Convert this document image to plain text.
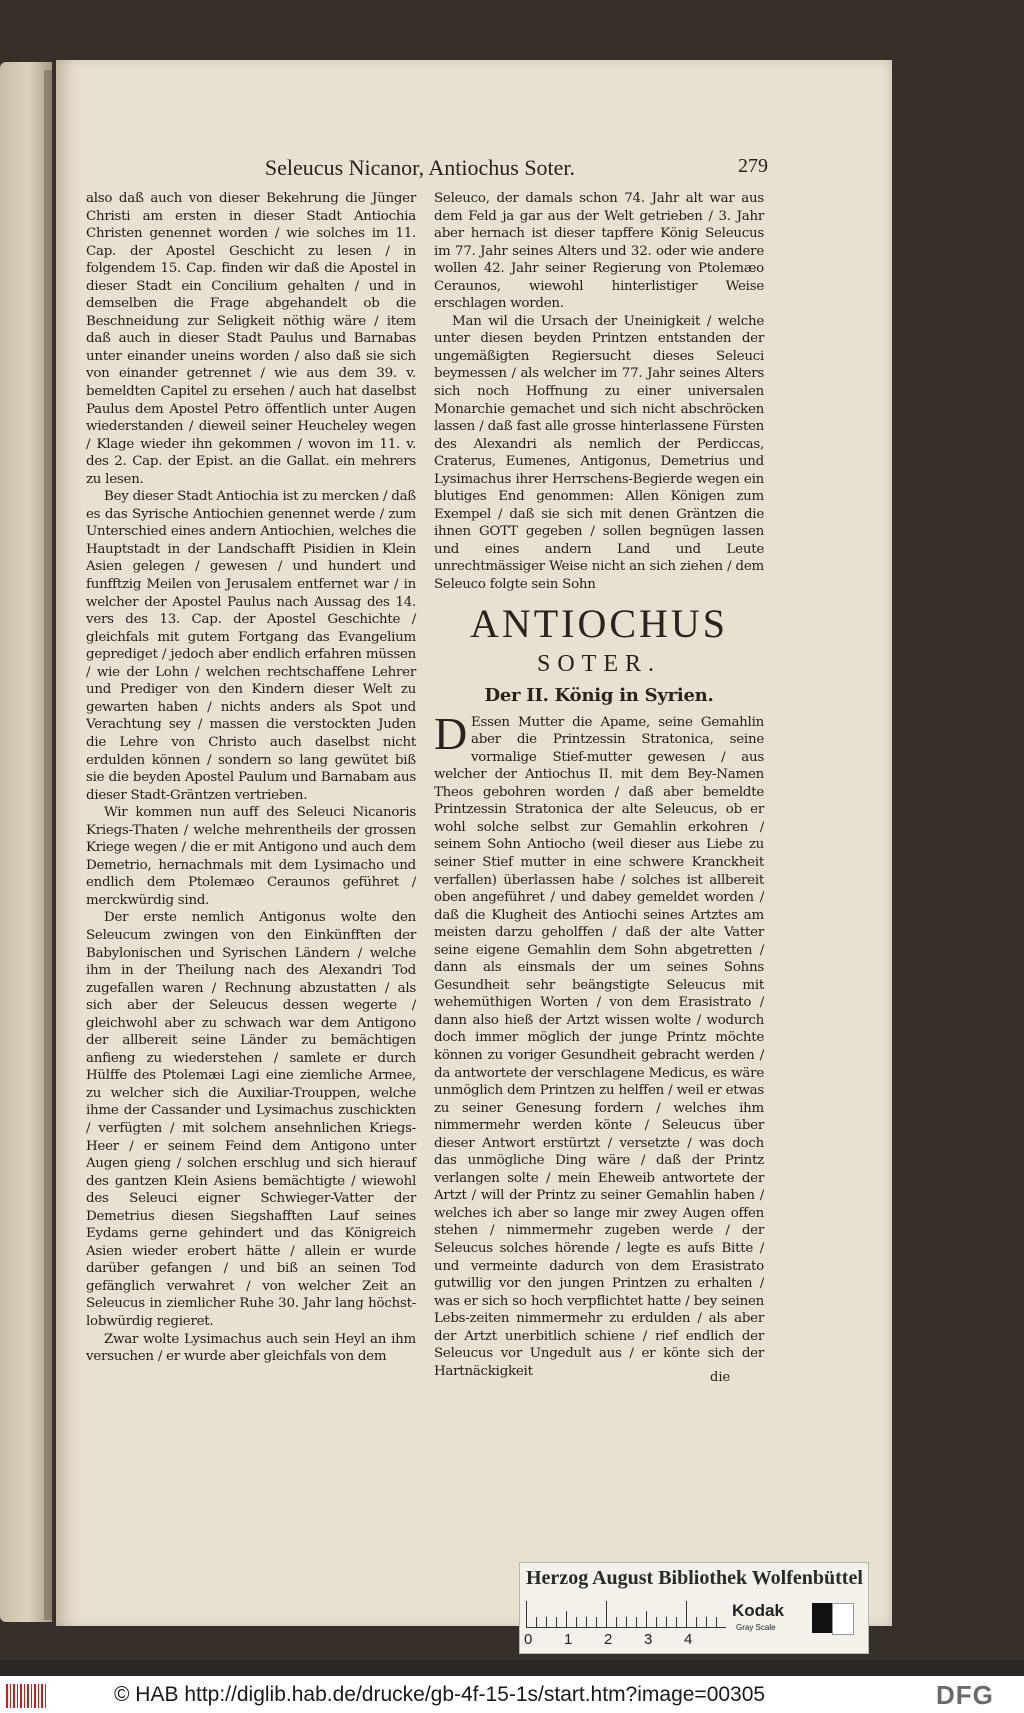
Seleucus Nicanor, Antiochus Soter.	279

also daß auch von dieser Bekehrung die Jünger Christi am ersten in dieser Stadt Antiochia Christen genennet worden / wie solches im 11. Cap. der Apostel Geschicht zu lesen / in folgendem 15. Cap. finden wir daß die Apostel in dieser Stadt ein Concilium gehalten / und in demselben die Frage abgehandelt ob die Beschneidung zur Seligkeit nöthig wäre / item daß auch in dieser Stadt Paulus und Barnabas unter einander uneins worden / also daß sie sich von einander getrennet / wie aus dem 39. v. bemeldten Capitel zu ersehen / auch hat daselbst Paulus dem Apostel Petro öffentlich unter Augen wiederstanden / dieweil seiner Heucheley wegen / Klage wieder ihn gekommen / wovon im 11. v. des 2. Cap. der Epist. an die Gallat. ein mehrers zu lesen.

Bey dieser Stadt Antiochia ist zu mercken / daß es das Syrische Antiochien genennet werde / zum Unterschied eines andern Antiochien, welches die Hauptstadt in der Landschafft Pisidien in Klein Asien gelegen / gewesen / und hundert und funfftzig Meilen von Jerusalem entfernet war / in welcher der Apostel Paulus nach Aussag des 14. vers des 13. Cap. der Apostel Geschichte / gleichfals mit gutem Fortgang das Evangelium geprediget / jedoch aber endlich erfahren müssen / wie der Lohn / welchen rechtschaffene Lehrer und Prediger von den Kindern dieser Welt zu gewarten haben / nichts anders als Spot und Verachtung sey / massen die verstockten Juden die Lehre von Christo auch daselbst nicht erdulden können / sondern so lang gewütet biß sie die beyden Apostel Paulum und Barnabam aus dieser Stadt-Gräntzen vertrieben.

Wir kommen nun auff des Seleuci Nicanoris Kriegs-Thaten / welche mehrentheils der grossen Kriege wegen / die er mit Antigono und auch dem Demetrio, hernachmals mit dem Lysimacho und endlich dem Ptolemæo Ceraunos geführet / merckwürdig sind.

Der erste nemlich Antigonus wolte den Seleucum zwingen von den Einkünfften der Babylonischen und Syrischen Ländern / welche ihm in der Theilung nach des Alexandri Tod zugefallen waren / Rechnung abzustatten / als sich aber der Seleucus dessen wegerte / gleichwohl aber zu schwach war dem Antigono der allbereit seine Länder zu bemächtigen anfieng zu wiederstehen / samlete er durch Hülffe des Ptolemæi Lagi eine ziemliche Armee, zu welcher sich die Auxiliar-Trouppen, welche ihme der Cassander und Lysimachus zuschickten / verfügten / mit solchem ansehnlichen Kriegs-Heer / er seinem Feind dem Antigono unter Augen gieng / solchen erschlug und sich hierauf des gantzen Klein Asiens bemächtigte / wiewohl des Seleuci eigner Schwieger-Vatter der Demetrius diesen Siegshafften Lauf seines Eydams gerne gehindert und das Königreich Asien wieder erobert hätte / allein er wurde darüber gefangen / und biß an seinen Tod gefänglich verwahret / von welcher Zeit an Seleucus in ziemlicher Ruhe 30. Jahr lang höchst-lobwürdig regieret.

Zwar wolte Lysimachus auch sein Heyl an ihm versuchen / er wurde aber gleichfals von dem

Seleuco, der damals schon 74. Jahr alt war aus dem Feld ja gar aus der Welt getrieben / 3. Jahr aber hernach ist dieser tapffere König Seleucus im 77. Jahr seines Alters und 32. oder wie andere wollen 42. Jahr seiner Regierung von Ptolemæo Ceraunos, wiewohl hinterlistiger Weise erschlagen worden.

Man wil die Ursach der Uneinigkeit / welche unter diesen beyden Printzen entstanden der ungemäßigten Regiersucht dieses Seleuci beymessen / als welcher im 77. Jahr seines Alters sich noch Hoffnung zu einer universalen Monarchie gemachet und sich nicht abschröcken lassen / daß fast alle grosse hinterlassene Fürsten des Alexandri als nemlich der Perdiccas, Craterus, Eumenes, Antigonus, Demetrius und Lysimachus ihrer Herrschens-Begierde wegen ein blutiges End genommen: Allen Königen zum Exempel / daß sie sich mit denen Gräntzen die ihnen GOTT gegeben / sollen begnügen lassen und eines andern Land und Leute unrechtmässiger Weise nicht an sich ziehen / dem Seleuco folgte sein Sohn

ANTIOCHUS
SOTER.
Der II. König in Syrien.

D Essen Mutter die Apame, seine Gemahlin aber die Printzessin Stratonica, seine vormalige Stief-mutter gewesen / aus welcher der Antiochus II. mit dem Bey-Namen Theos gebohren worden / daß aber bemeldte Printzessin Stratonica der alte Seleucus, ob er wohl solche selbst zur Gemahlin erkohren / seinem Sohn Antiocho (weil dieser aus Liebe zu seiner Stief mutter in eine schwere Kranckheit verfallen) überlassen habe / solches ist allbereit oben angeführet / und dabey gemeldet worden / daß die Klugheit des Antiochi seines Artztes am meisten darzu geholffen / daß der alte Vatter seine eigene Gemahlin dem Sohn abgetretten / dann als einsmals der um seines Sohns Gesundheit sehr beängstigte Seleucus mit wehemüthigen Worten / von dem Erasistrato / dann also hieß der Artzt wissen wolte / wodurch doch immer möglich der junge Printz möchte können zu voriger Gesundheit gebracht werden / da antwortete der verschlagene Medicus, es wäre unmöglich dem Printzen zu helffen / weil er etwas zu seiner Genesung fordern / welches ihm nimmermehr werden könte / Seleucus über dieser Antwort erstürtzt / versetzte / was doch das unmögliche Ding wäre / daß der Printz verlangen solte / mein Eheweib antwortete der Artzt / will der Printz zu seiner Gemahlin haben / welches ich aber so lange mir zwey Augen offen stehen / nimmermehr zugeben werde / der Seleucus solches hörende / legte es aufs Bitte / und vermeinte dadurch von dem Erasistrato gutwillig vor den jungen Printzen zu erhalten / was er sich so hoch verpflichtet hatte / bey seinen Lebs-zeiten nimmermehr zu erdulden / als aber der Artzt unerbitlich schiene / rief endlich der Seleucus vor Ungedult aus / er könte sich der Hartnäckigkeit	die
Herzog August Bibliothek Wolfenbüttel
0 1 2 3 4
Kodak
Gray Scale
© HAB http://diglib.hab.de/drucke/gb-4f-15-1s/start.htm?image=00305	DFG
